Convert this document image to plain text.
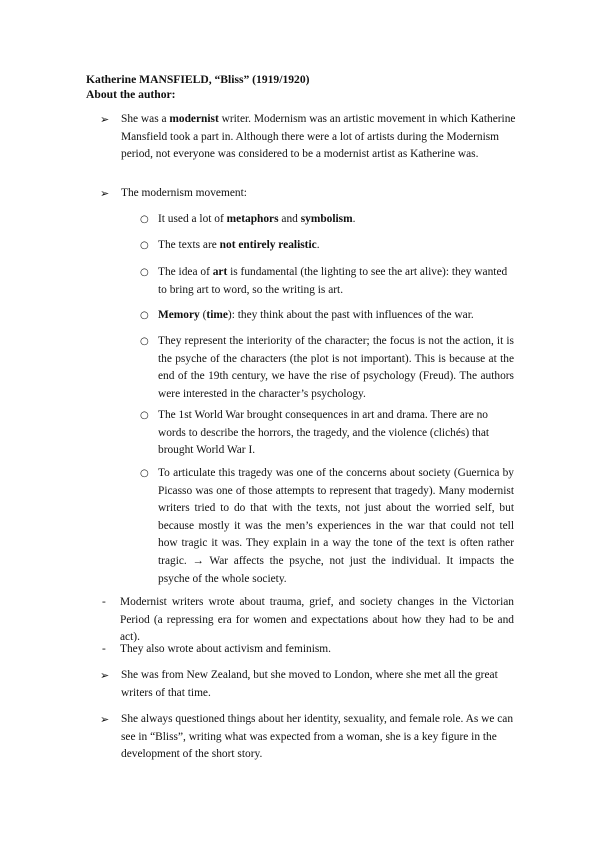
Katherine MANSFIELD, “Bliss” (1919/1920)
About the author:
➢	She was a modernist writer. Modernism was an artistic movement in which Katherine Mansfield took a part in. Although there were a lot of artists during the Modernism period, not everyone was considered to be a modernist artist as Katherine was.
➢	The modernism movement:
○ It used a lot of metaphors and symbolism.
○ The texts are not entirely realistic.
○ The idea of art is fundamental (the lighting to see the art alive): they wanted to bring art to word, so the writing is art.
○ Memory (time): they think about the past with influences of the war.
○ They represent the interiority of the character; the focus is not the action, it is the psyche of the characters (the plot is not important). This is because at the end of the 19th century, we have the rise of psychology (Freud). The authors were interested in the character’s psychology.
○ The 1st World War brought consequences in art and drama. There are no words to describe the horrors, the tragedy, and the violence (clichés) that brought World War I.
○ To articulate this tragedy was one of the concerns about society (Guernica by Picasso was one of those attempts to represent that tragedy). Many modernist writers tried to do that with the texts, not just about the worried self, but because mostly it was the men’s experiences in the war that could not tell how tragic it was. They explain in a way the tone of the text is often rather tragic. → War affects the psyche, not just the individual. It impacts the psyche of the whole society.
- Modernist writers wrote about trauma, grief, and society changes in the Victorian Period (a repressing era for women and expectations about how they had to be and act).
- They also wrote about activism and feminism.
➢	She was from New Zealand, but she moved to London, where she met all the great writers of that time.
➢	She always questioned things about her identity, sexuality, and female role. As we can see in “Bliss”, writing what was expected from a woman, she is a key figure in the development of the short story.
